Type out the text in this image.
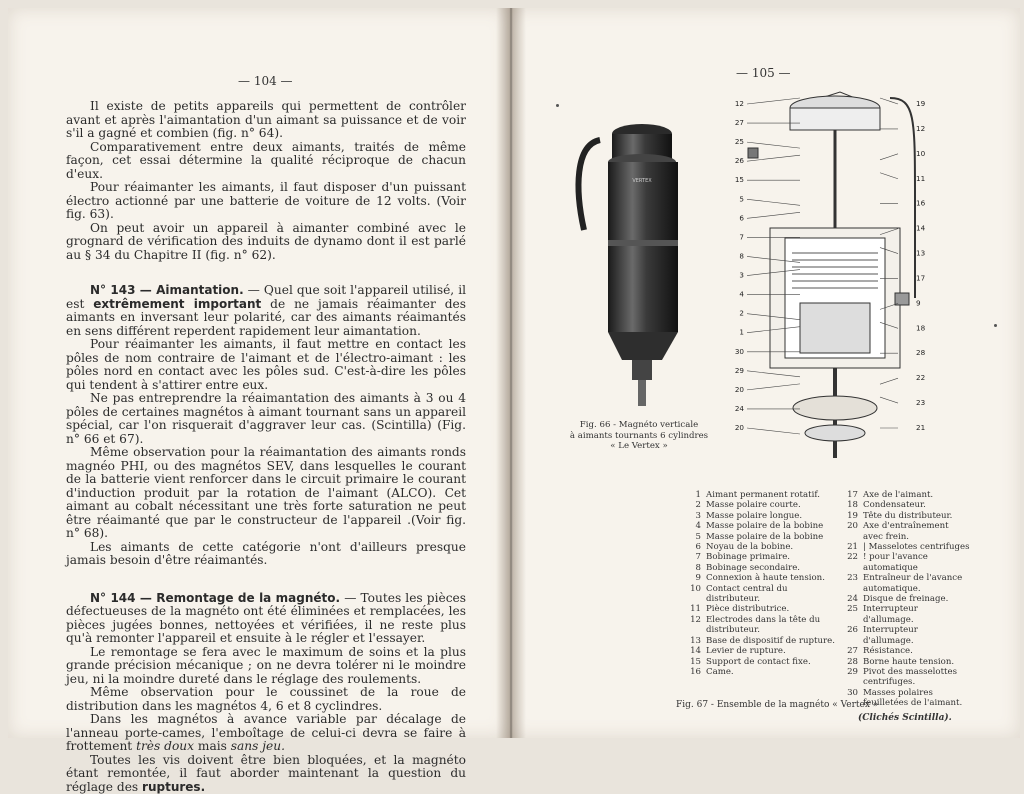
— 104 —

Il existe de petits appareils qui permettent de contrôler avant et après l'aimantation d'un aimant sa puissance et de voir s'il a gagné et combien (fig. n° 64).

Comparativement entre deux aimants, traités de même façon, cet essai détermine la qualité réciproque de chacun d'eux.

Pour réaimanter les aimants, il faut disposer d'un puissant électro actionné par une batterie de voiture de 12 volts. (Voir fig. 63).

On peut avoir un appareil à aimanter combiné avec le grognard de vérification des induits de dynamo dont il est parlé au § 34 du Chapitre II (fig. n° 62).

N° 143 — Aimantation. — Quel que soit l'appareil utilisé, il est extrêmement important de ne jamais réaimanter des aimants en inversant leur polarité, car des aimants réaimantés en sens différent reperdent rapidement leur aimantation.

Pour réaimanter les aimants, il faut mettre en contact les pôles de nom contraire de l'aimant et de l'électro-aimant : les pôles nord en contact avec les pôles sud. C'est-à-dire les pôles qui tendent à s'attirer entre eux.

Ne pas entreprendre la réaimantation des aimants à 3 ou 4 pôles de certaines magnétos à aimant tournant sans un appareil spécial, car l'on risquerait d'aggraver leur cas. (Scintilla) (Fig. n° 66 et 67).

Même observation pour la réaimantation des aimants ronds magnéo PHI, ou des magnétos SEV, dans lesquelles le courant de la batterie vient renforcer dans le circuit primaire le courant d'induction produit par la rotation de l'aimant (ALCO). Cet aimant au cobalt nécessitant une très forte saturation ne peut être réaimanté que par le constructeur de l'appareil .(Voir fig. n° 68).

Les aimants de cette catégorie n'ont d'ailleurs presque jamais besoin d'être réaimantés.

N° 144 — Remontage de la magnéto. — Toutes les pièces défectueuses de la magnéto ont été éliminées et remplacées, les pièces jugées bonnes, nettoyées et vérifiées, il ne reste plus qu'à remonter l'appareil et ensuite à le régler et l'essayer.

Le remontage se fera avec le maximum de soins et la plus grande précision mécanique ; on ne devra tolérer ni le moindre jeu, ni la moindre dureté dans le réglage des roulements.

Même observation pour le coussinet de la roue de distribution dans les magnétos 4, 6 et 8 cyclindres.

Dans les magnétos à avance variable par décalage de l'anneau porte-cames, l'emboîtage de celui-ci devra se faire à frottement très doux mais sans jeu.

Toutes les vis doivent être bien bloquées, et la magnéto étant remontée, il faut aborder maintenant la question du réglage des ruptures.

— 105 —
VERTEX
Fig. 66 - Magnéto verticale
à aimants tournants 6 cylindres
« Le Vertex »
12
27
25
26
15
5
6
7
8
3
4
2
1
30
29
20
24
20
19
12
10
11
16
14
13
17
9
18
28
22
23
21
1 Aimant permanent rotatif.
2 Masse polaire courte.
3 Masse polaire longue.
4 Masse polaire de la bobine
5 Masse polaire de la bobine
6 Noyau de la bobine.
7 Bobinage primaire.
8 Bobinage secondaire.
9 Connexion à haute tension.
10 Contact central du distributeur.
11 Pièce distributrice.
12 Electrodes dans la tête du distributeur.
13 Base de dispositif de rupture.
14 Levier de rupture.
15 Support de contact fixe.
16 Came.
17 Axe de l'aimant.
18 Condensateur.
19 Tête du distributeur.
20 Axe d'entraînement avec frein.
21 | Masselotes centrifuges
22 ! pour l'avance automatique
23 Entraîneur de l'avance automatique.
24 Disque de freinage.
25 Interrupteur d'allumage.
26 Interrupteur d'allumage.
27 Résistance.
28 Borne haute tension.
29 Pivot des masselottes centrifuges.
30 Masses polaires feuilletées de l'aimant.
Fig. 67 - Ensemble de la magnéto « Vertex »
(Clichés Scintilla).
